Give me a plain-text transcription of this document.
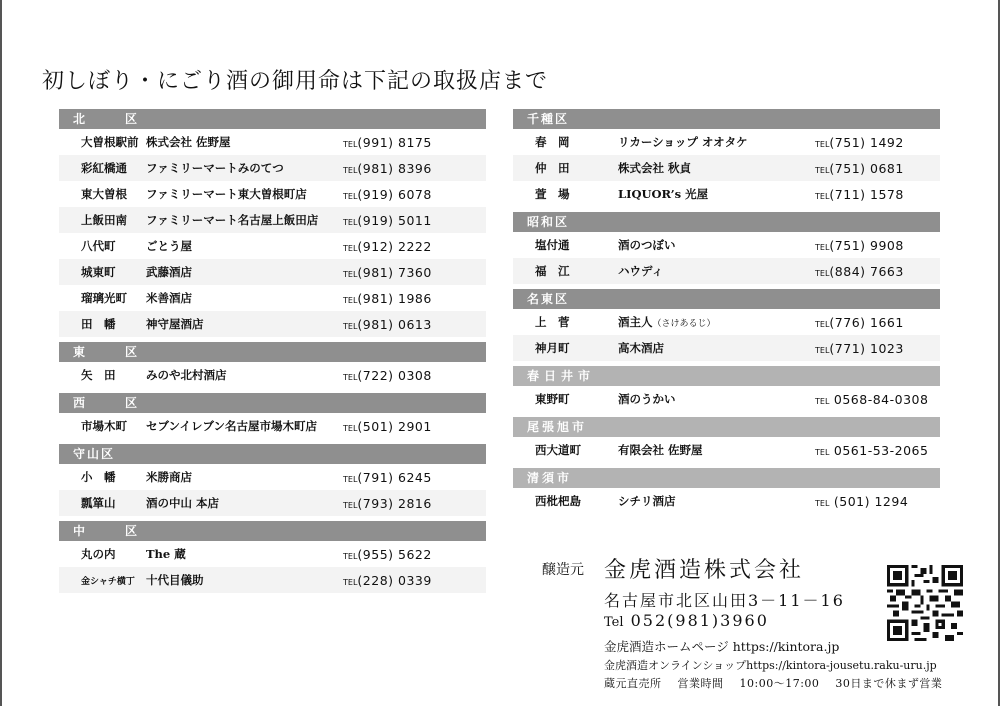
初しぼり・にごり酒の御用命は下記の取扱店まで
北　区
大曽根駅前 株式会社 佐野屋	TEL(991) 8175
彩紅橋通	ファミリーマートみのてつ	TEL(981) 8396
東大曽根	ファミリーマート東大曽根町店	TEL(919) 6078
上飯田南	ファミリーマート名古屋上飯田店	TEL(919) 5011
八代町	ごとう屋	TEL(912) 2222
城東町	武藤酒店	TEL(981) 7360
瑠璃光町	米善酒店	TEL(981) 1986
田　幡	神守屋酒店	TEL(981) 0613
東　区
矢　田	みのや北村酒店	TEL(722) 0308
西　区
市場木町	セブンイレブン名古屋市場木町店	TEL(501) 2901
守山区
小　幡	米勝商店	TEL(791) 6245
瓢箪山	酒の中山 本店	TEL(793) 2816
中　区
丸の内	The 蔵	TEL(955) 5622
金シャチ横丁 十代目儀助	TEL(228) 0339
千種区
春　岡	リカーショップ オオタケ	TEL(751) 1492
仲　田	株式会社 秋貞	TEL(751) 0681
萱　場	LIQUOR’s 光屋	TEL(711) 1578
昭和区
塩付通	酒のつぼい	TEL(751) 9908
福　江	ハウディ	TEL(884) 7663
名東区
上　菅	酒主人（さけあるじ）	TEL(776) 1661
神月町	高木酒店	TEL(771) 1023
春日井市
東野町	酒のうかい	TEL 0568-84-0308
尾張旭市
西大道町	有限会社 佐野屋	TEL 0561-53-2065
清須市
西枇杷島	シチリ酒店	TEL (501) 1294
醸造元 金虎酒造株式会社
名古屋市北区山田3－11－16
Tel 052(981)3960
金虎酒造ホームページ https://kintora.jp
金虎酒造オンラインショップhttps://kintora-jousetu.raku-uru.jp
蔵元直売所 営業時間 10:00～17:00 30日まで休まず営業
